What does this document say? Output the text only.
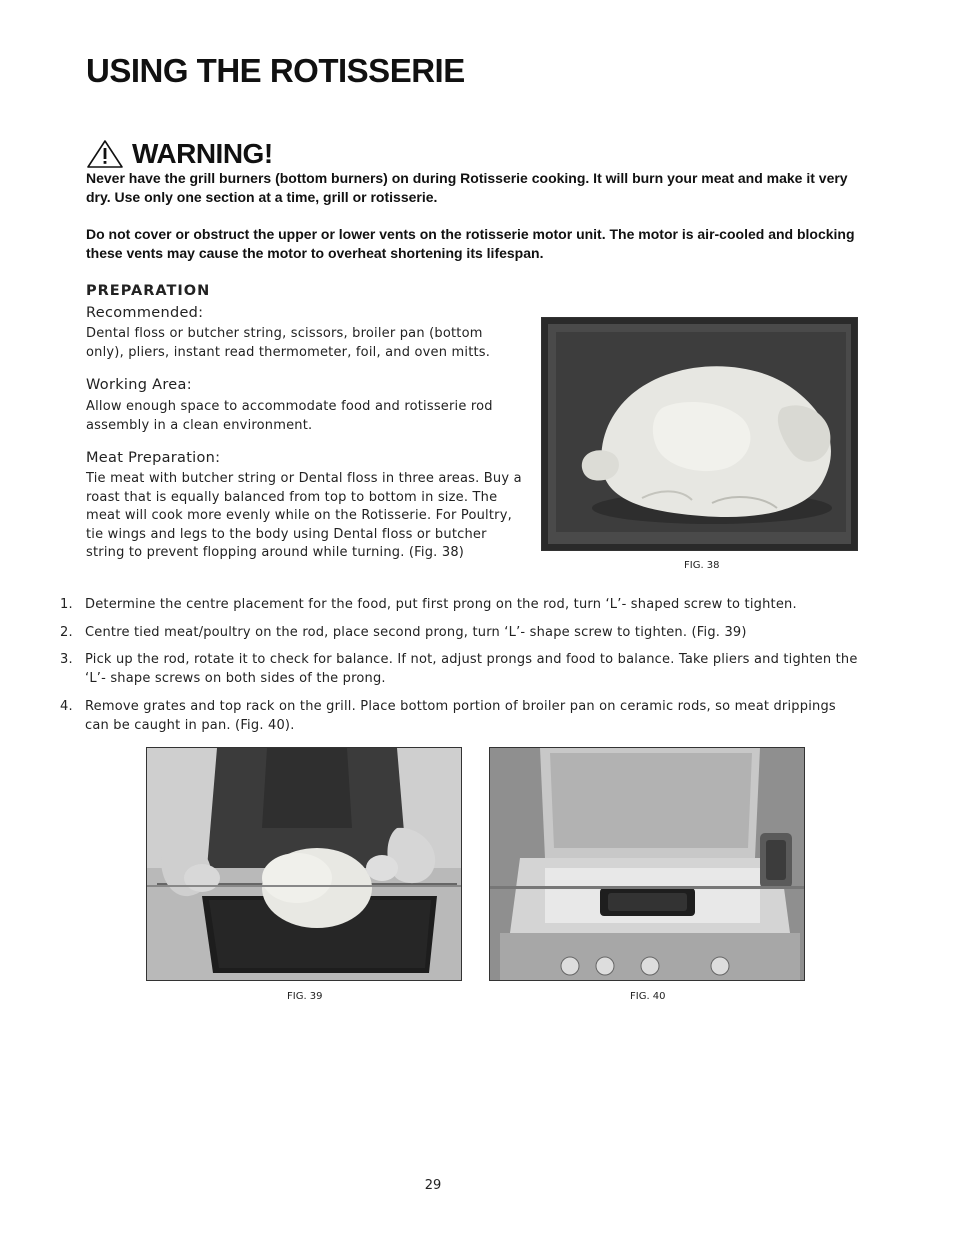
USING THE ROTISSERIE
WARNING!

Never have the grill burners (bottom burners) on during Rotisserie cooking. It will burn your meat and make it very dry. Use only one section at a time, grill or rotisserie.

Do not cover or obstruct the upper or lower vents on the rotisserie motor unit. The motor is air-cooled and blocking these vents may cause the motor to overheat shortening its lifespan.

PREPARATION
Recommended:

Dental floss or butcher string, scissors, broiler pan (bottom only), pliers, instant read thermometer, foil, and oven mitts.

Working Area:

Allow enough space to accommodate food and rotisserie rod assembly in a clean environment.

Meat Preparation:

Tie meat with butcher string or Dental floss in three areas. Buy a roast that is equally balanced from top to bottom in size. The meat will cook more evenly while on the Rotisserie. For Poultry, tie wings and legs to the body using Dental floss or butcher string to prevent flopping around while turning. (Fig. 38)

FIG. 38
1. Determine the centre placement for the food, put first prong on the rod, turn ‘L’- shaped screw to tighten.
2. Centre tied meat/poultry on the rod, place second prong, turn ‘L’- shape screw to tighten. (Fig. 39)
3. Pick up the rod, rotate it to check for balance. If not, adjust prongs and food to balance. Take pliers and tighten the ‘L’- shape screws on both sides of the prong.
4. Remove grates and top rack on the grill. Place bottom portion of broiler pan on ceramic rods, so meat drippings can be caught in pan. (Fig. 40).
FIG. 39	FIG. 40
29
